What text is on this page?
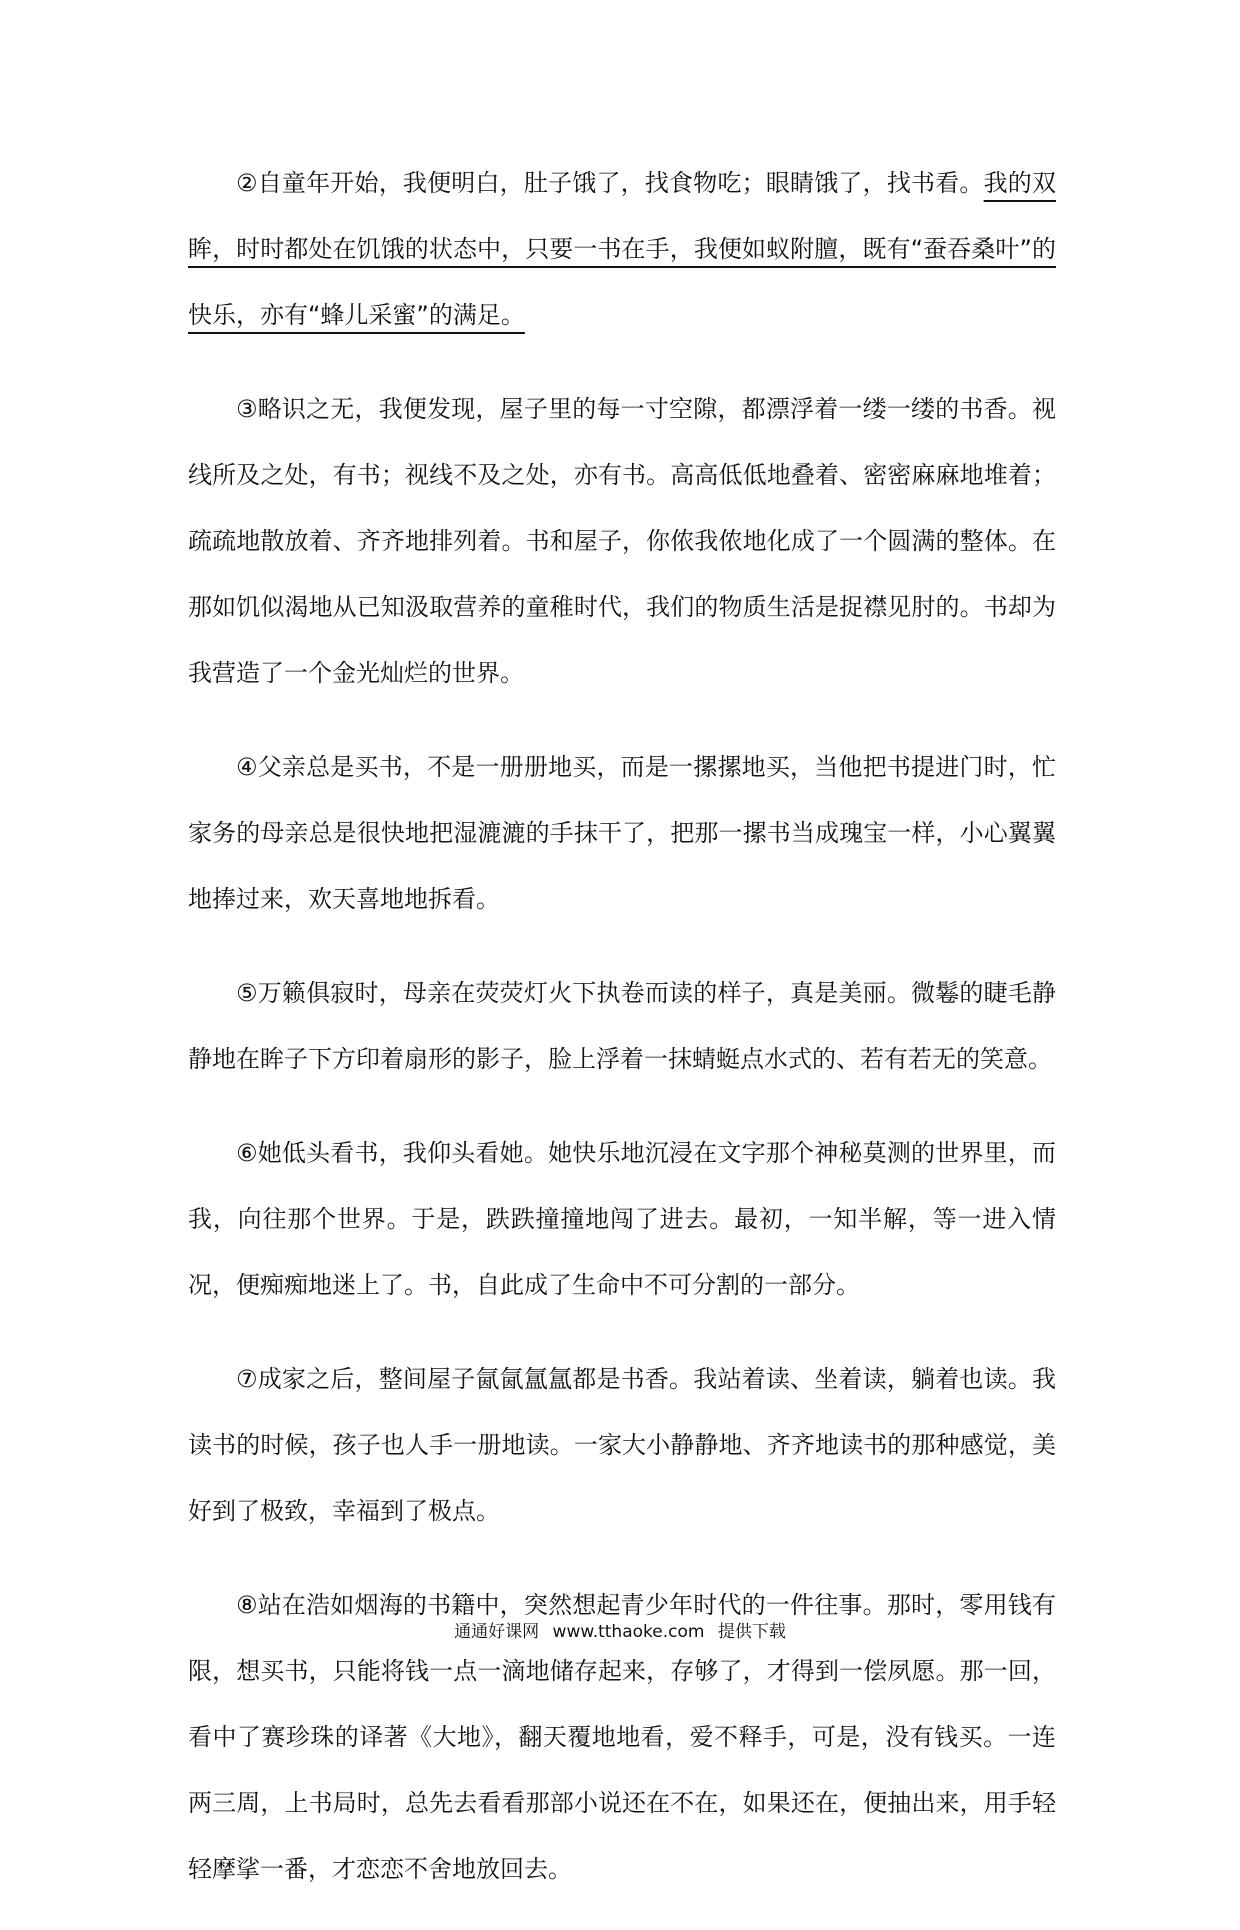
②自童年开始，我便明白，肚子饿了，找食物吃；眼睛饿了，找书看。我的双眸，时时都处在饥饿的状态中，只要一书在手，我便如蚁附膻，既有“蚕吞桑叶”的快乐，亦有“蜂儿采蜜”的满足。

③略识之无，我便发现，屋子里的每一寸空隙，都漂浮着一缕一缕的书香。视线所及之处，有书；视线不及之处，亦有书。高高低低地叠着、密密麻麻地堆着；疏疏地散放着、齐齐地排列着。书和屋子，你侬我侬地化成了一个圆满的整体。在那如饥似渴地从已知汲取营养的童稚时代，我们的物质生活是捉襟见肘的。书却为我营造了一个金光灿烂的世界。

④父亲总是买书，不是一册册地买，而是一摞摞地买，当他把书提进门时，忙家务的母亲总是很快地把湿漉漉的手抹干了，把那一摞书当成瑰宝一样，小心翼翼地捧过来，欢天喜地地拆看。

⑤万籁俱寂时，母亲在荧荧灯火下执卷而读的样子，真是美丽。微鬈的睫毛静静地在眸子下方印着扇形的影子，脸上浮着一抹蜻蜓点水式的、若有若无的笑意。

⑥她低头看书，我仰头看她。她快乐地沉浸在文字那个神秘莫测的世界里，而我，向往那个世界。于是，跌跌撞撞地闯了进去。最初，一知半解，等一进入情况，便痴痴地迷上了。书，自此成了生命中不可分割的一部分。

⑦成家之后，整间屋子氤氤氲氲都是书香。我站着读、坐着读，躺着也读。我读书的时候，孩子也人手一册地读。一家大小静静地、齐齐地读书的那种感觉，美好到了极致，幸福到了极点。

⑧站在浩如烟海的书籍中，突然想起青少年时代的一件往事。那时，零用钱有限，想买书，只能将钱一点一滴地储存起来，存够了，才得到一偿夙愿。那一回，看中了赛珍珠的译著《大地》，翻天覆地地看，爱不释手，可是，没有钱买。一连两三周，上书局时，总先去看看那部小说还在不在，如果还在，便抽出来，用手轻轻摩挲一番，才恋恋不舍地放回去。

通通好课网 www.tthaoke.com 提供下载
